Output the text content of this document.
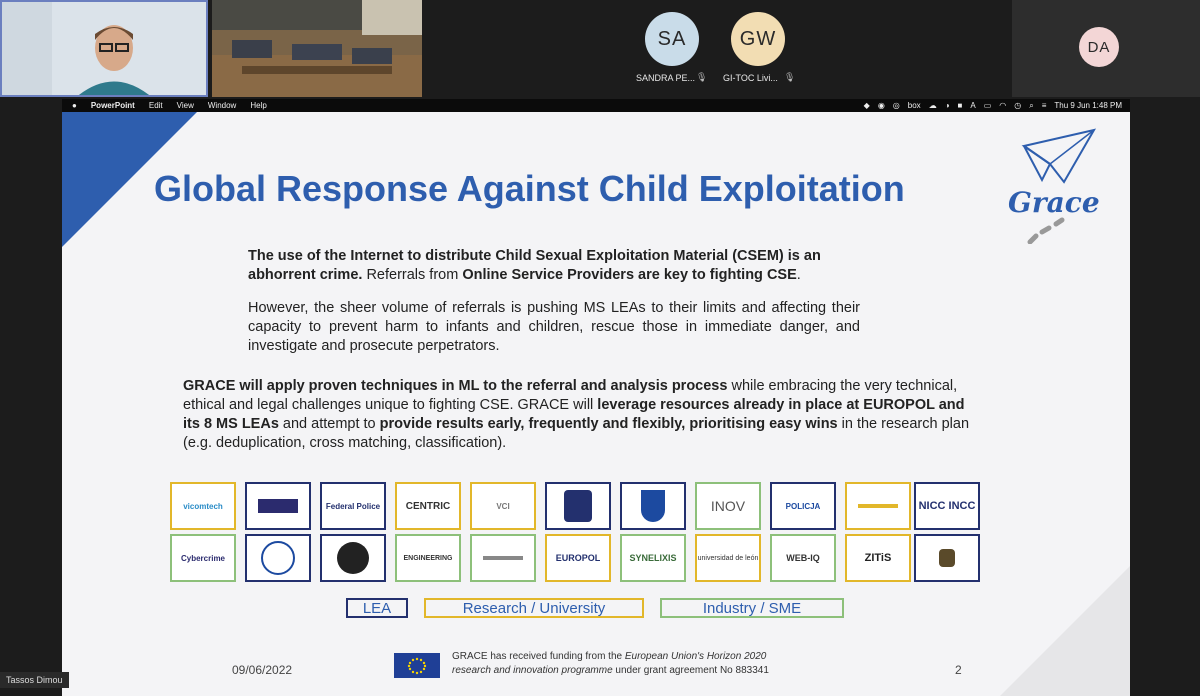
SA
SANDRA PE... 🎙
GW
GI-TOC Livi... 🎙
DA
● PowerPoint Edit View Window Help	◆ ◉ ◎ box ☁ ◑ ■ A ▭ ◠ ◷ ⌕ ≡ Thu 9 Jun 1:48 PM
Global Response Against Child Exploitation	Grace
The use of the Internet to distribute Child Sexual Exploitation Material (CSEM) is an abhorrent crime. Referrals from Online Service Providers are key to fighting CSE.
However, the sheer volume of referrals is pushing MS LEAs to their limits and affecting their capacity to prevent harm to infants and children, rescue those in immediate danger, and investigate and prosecute perpetrators.
GRACE will apply proven techniques in ML to the referral and analysis process while embracing the very technical, ethical and legal challenges unique to fighting CSE. GRACE will leverage resources already in place at EUROPOL and its 8 MS LEAs and attempt to provide results early, frequently and flexibly, prioritising easy wins in the research plan (e.g. deduplication, cross matching, classification).
vicomtech	Federal Police	CENTRIC	VCI	INOV	POLICJA	NICC INCC
Cybercrime	ENGINEERING	EUROPOL	SYNELIXIS	universidad de león	WEB-IQ	ZITiS
LEA	Research / University	Industry / SME
09/06/2022
GRACE has received funding from the European Union's Horizon 2020
research and innovation programme under grant agreement No 883341	2
Tassos Dimou
